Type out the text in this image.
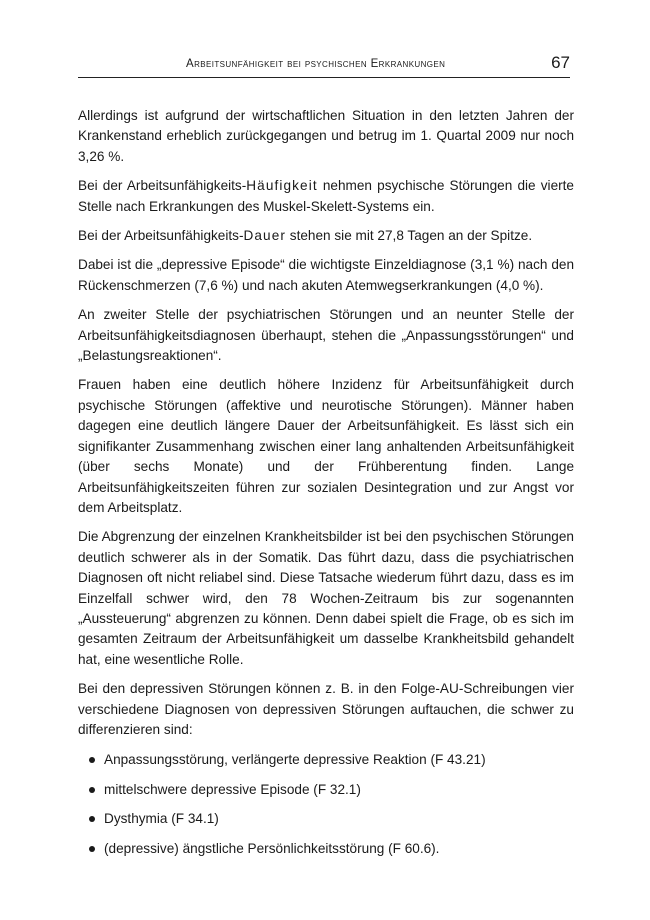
Arbeitsunfähigkeit bei psychischen Erkrankungen	67

Allerdings ist aufgrund der wirtschaftlichen Situation in den letzten Jahren der Krankenstand erheblich zurückgegangen und betrug im 1. Quartal 2009 nur noch 3,26 %.

Bei der Arbeitsunfähigkeits-Häufigkeit nehmen psychische Störungen die vierte Stelle nach Erkrankungen des Muskel-Skelett-Systems ein.

Bei der Arbeitsunfähigkeits-Dauer stehen sie mit 27,8 Tagen an der Spitze.

Dabei ist die „depressive Episode“ die wichtigste Einzeldiagnose (3,1 %) nach den Rückenschmerzen (7,6 %) und nach akuten Atemwegserkrankungen (4,0 %).

An zweiter Stelle der psychiatrischen Störungen und an neunter Stelle der Arbeitsunfähigkeitsdiagnosen überhaupt, stehen die „Anpassungsstörungen“ und „Belastungsreaktionen“.

Frauen haben eine deutlich höhere Inzidenz für Arbeitsunfähigkeit durch psychische Störungen (affektive und neurotische Störungen). Männer haben dagegen eine deutlich längere Dauer der Arbeitsunfähigkeit. Es lässt sich ein signifikanter Zusammenhang zwischen einer lang anhaltenden Arbeitsunfähigkeit (über sechs Monate) und der Frühberentung finden. Lange Arbeitsunfähigkeitszeiten führen zur sozialen Desintegration und zur Angst vor dem Arbeitsplatz.

Die Abgrenzung der einzelnen Krankheitsbilder ist bei den psychischen Störungen deutlich schwerer als in der Somatik. Das führt dazu, dass die psychiatrischen Diagnosen oft nicht reliabel sind. Diese Tatsache wiederum führt dazu, dass es im Einzelfall schwer wird, den 78 Wochen-Zeitraum bis zur sogenannten „Aussteuerung“ abgrenzen zu können. Denn dabei spielt die Frage, ob es sich im gesamten Zeitraum der Arbeitsunfähigkeit um dasselbe Krankheitsbild gehandelt hat, eine wesentliche Rolle.

Bei den depressiven Störungen können z. B. in den Folge-AU-Schreibungen vier verschiedene Diagnosen von depressiven Störungen auftauchen, die schwer zu differenzieren sind:

Anpassungsstörung, verlängerte depressive Reaktion (F 43.21)
mittelschwere depressive Episode (F 32.1)
Dysthymia (F 34.1)
(depressive) ängstliche Persönlichkeitsstörung (F 60.6).
